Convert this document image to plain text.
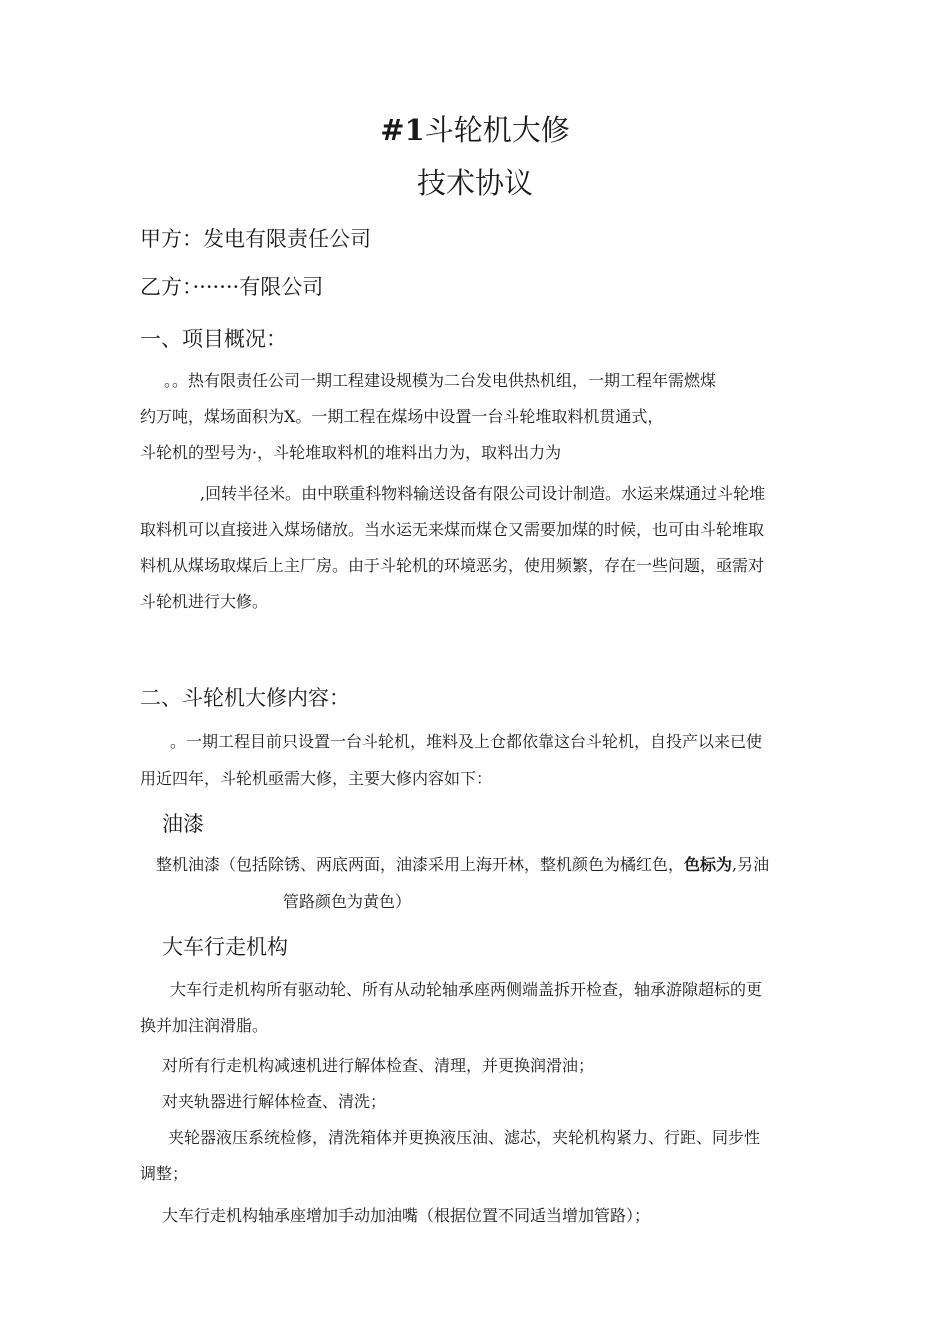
#1斗轮机大修
技术协议
甲方：发电有限责任公司
乙方：·······有限公司
一、项目概况：
。。热有限责任公司一期工程建设规模为二台发电供热机组，一期工程年需燃煤
约万吨，煤场面积为X。一期工程在煤场中设置一台斗轮堆取料机贯通式，
斗轮机的型号为·，斗轮堆取料机的堆料出力为，取料出力为
,回转半径米。由中联重科物料输送设备有限公司设计制造。水运来煤通过斗轮堆
取料机可以直接进入煤场储放。当水运无来煤而煤仓又需要加煤的时候，也可由斗轮堆取
料机从煤场取煤后上主厂房。由于斗轮机的环境恶劣，使用频繁，存在一些问题，亟需对
斗轮机进行大修。
二、斗轮机大修内容：
。一期工程目前只设置一台斗轮机，堆料及上仓都依靠这台斗轮机，自投产以来已使
用近四年，斗轮机亟需大修，主要大修内容如下：
油漆
整机油漆（包括除锈、两底两面，油漆采用上海开林，整机颜色为橘红色，色标为,另油
管路颜色为黄色）
大车行走机构
大车行走机构所有驱动轮、所有从动轮轴承座两侧端盖拆开检查，轴承游隙超标的更
换并加注润滑脂。
对所有行走机构减速机进行解体检查、清理，并更换润滑油；
对夹轨器进行解体检查、清洗；
夹轮器液压系统检修，清洗箱体并更换液压油、滤芯，夹轮机构紧力、行距、同步性
调整；
大车行走机构轴承座增加手动加油嘴（根据位置不同适当增加管路）；
